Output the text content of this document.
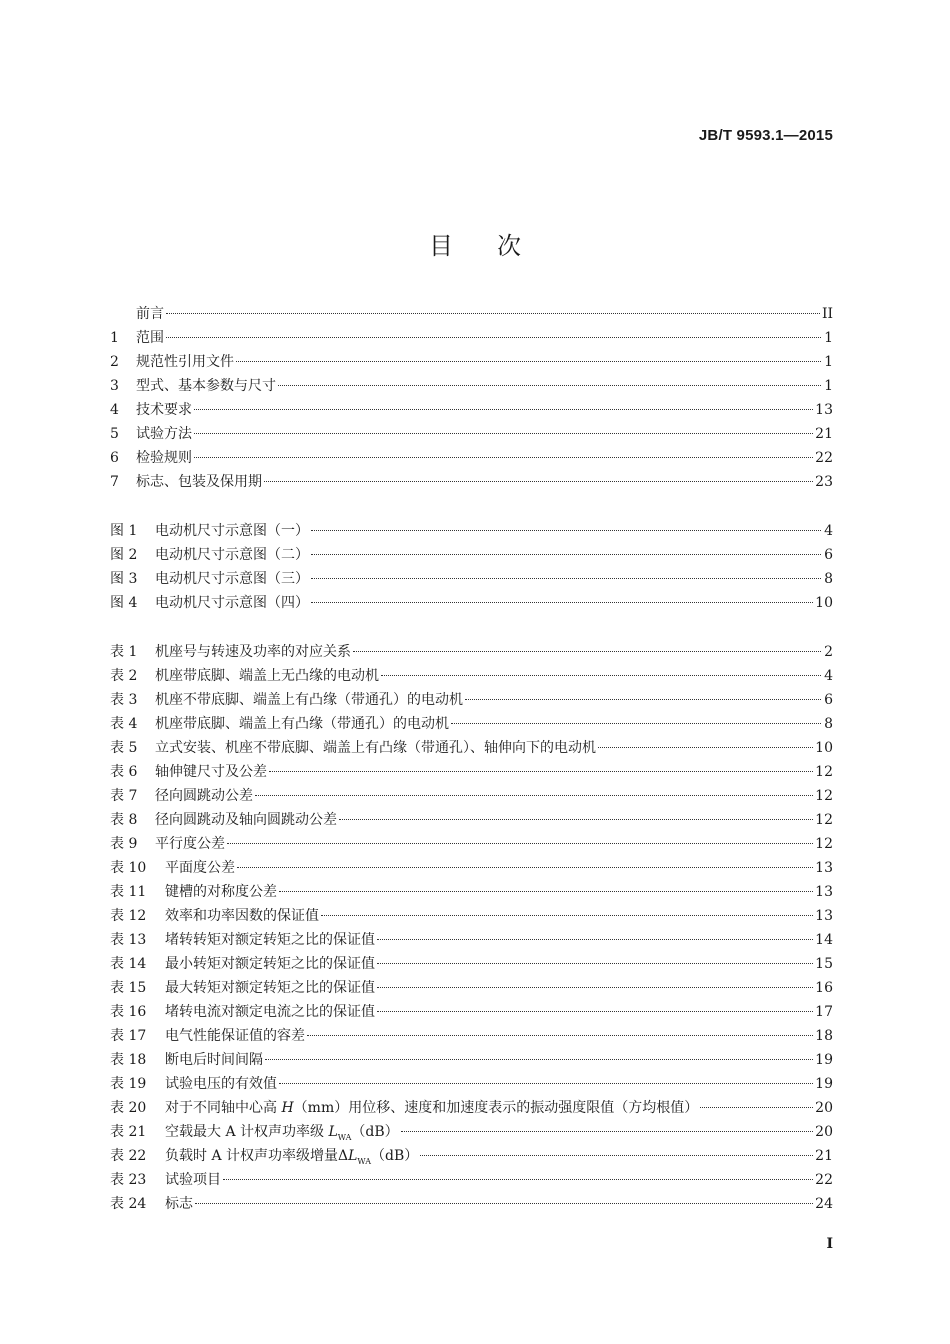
JB/T 9593.1—2015
目次
前言	II
1	范围	1
2	规范性引用文件	1
3	型式、基本参数与尺寸	1
4	技术要求	13
5	试验方法	21
6	检验规则	22
7	标志、包装及保用期	23
图 1	电动机尺寸示意图（一）	4
图 2	电动机尺寸示意图（二）	6
图 3	电动机尺寸示意图（三）	8
图 4	电动机尺寸示意图（四）	10
表 1	机座号与转速及功率的对应关系	2
表 2	机座带底脚、端盖上无凸缘的电动机	4
表 3	机座不带底脚、端盖上有凸缘（带通孔）的电动机	6
表 4	机座带底脚、端盖上有凸缘（带通孔）的电动机	8
表 5	立式安装、机座不带底脚、端盖上有凸缘（带通孔）、轴伸向下的电动机	10
表 6	轴伸键尺寸及公差	12
表 7	径向圆跳动公差	12
表 8	径向圆跳动及轴向圆跳动公差	12
表 9	平行度公差	12
表 10	平面度公差	13
表 11	键槽的对称度公差	13
表 12	效率和功率因数的保证值	13
表 13	堵转转矩对额定转矩之比的保证值	14
表 14	最小转矩对额定转矩之比的保证值	15
表 15	最大转矩对额定转矩之比的保证值	16
表 16	堵转电流对额定电流之比的保证值	17
表 17	电气性能保证值的容差	18
表 18	断电后时间间隔	19
表 19	试验电压的有效值	19
表 20	对于不同轴中心高 H（mm）用位移、速度和加速度表示的振动强度限值（方均根值）	20
表 21	空载最大 A 计权声功率级 $L_{WA}(dB)$	20
表 22	负载时 A 计权声功率级增量$\Delta L_{WA}(dB)$	21
表 23	试验项目	22
表 24	标志	24
I
